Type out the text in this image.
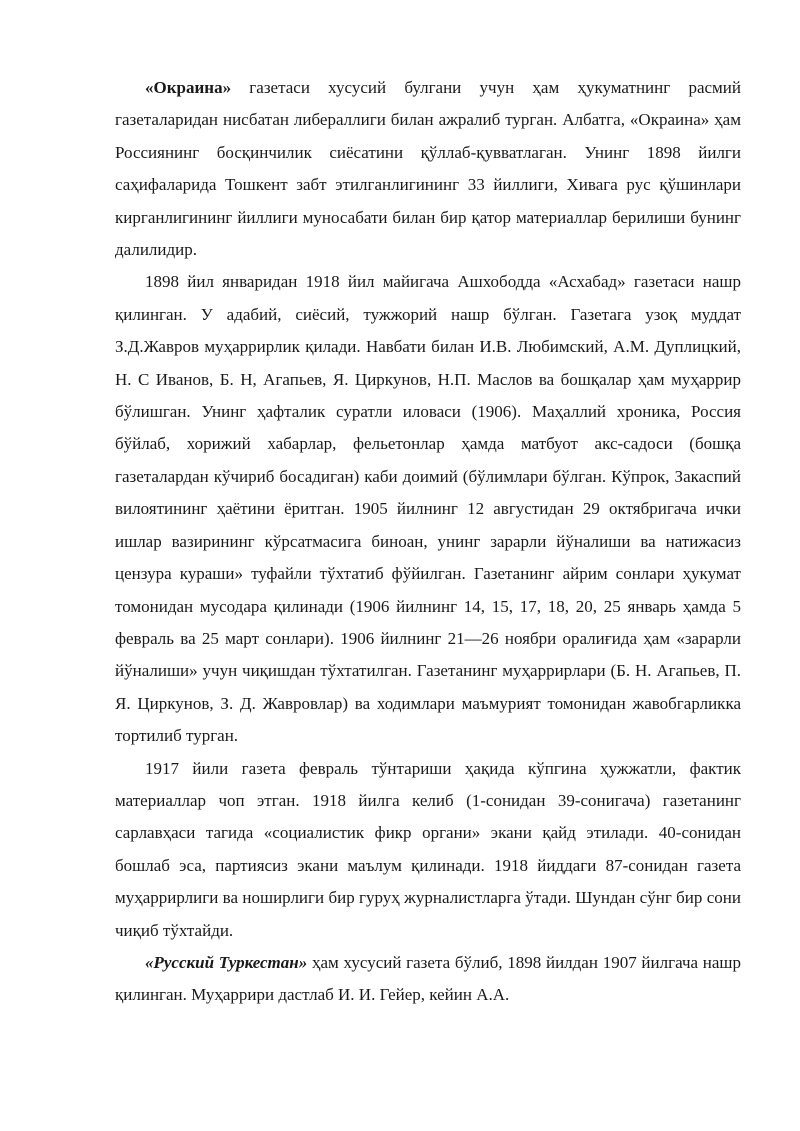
«Окраина» газетаси хусусий булгани учун ҳам ҳукуматнинг расмий газеталаридан нисбатан либераллиги билан ажралиб турган. Албатга, «Окраина» ҳам Россиянинг босқинчилик сиёсатини қўллаб-қувватлаган. Унинг 1898 йилги саҳифаларида Тошкент забт этилганлигининг 33 йиллиги, Хивага рус қўшинлари кирганлигининг йиллиги муносабати билан бир қатор материаллар берилиши бунинг далилидир.

1898 йил январидан 1918 йил майигача Ашхободда «Асхабад» газетаси нашр қилинган. У адабий, сиёсий, тужжорий нашр бўлган. Газетага узоқ муддат З.Д.Жавров муҳаррирлик қилади. Навбати билан И.В. Любимский, А.М. Дуплицкий, Н. С Иванов, Б. Н, Агапьев, Я. Циркунов, Н.П. Маслов ва бошқалар ҳам муҳаррир бўлишган. Унинг ҳафталик суратли иловаси (1906). Маҳаллий хроника, Россия бўйлаб, хорижий хабарлар, фельетонлар ҳамда матбуот акс-садоси (бошқа газеталардан кўчириб босадиган) каби доимий (бўлимлари бўлган. Кўпрок, Закаспий вилоятининг ҳаётини ёритган. 1905 йилнинг 12 августидан 29 октябригача ички ишлар вазирининг кўрсатмасига биноан, унинг зарарли йўналиши ва натижасиз цензура кураши» туфайли тўхтатиб фўйилган. Газетанинг айрим сонлари ҳукумат томонидан мусодара қилинади (1906 йилнинг 14, 15, 17, 18, 20, 25 январь ҳамда 5 февраль ва 25 март сонлари). 1906 йилнинг 21—26 ноябри оралиғида ҳам «зарарли йўналиши» учун чиқишдан тўхтатилган. Газетанинг муҳаррирлари (Б. Н. Агапьев, П. Я. Циркунов, З. Д. Жавровлар) ва ходимлари маъмурият томонидан жавобгарликка тортилиб турган.

1917 йили газета февраль тўнтариши ҳақида кўпгина ҳужжатли, фактик материаллар чоп этган. 1918 йилга келиб (1-сонидан 39-сонигача) газетанинг сарлавҳаси тагида «социалистик фикр органи» экани қайд этилади. 40-сонидан бошлаб эса, партиясиз экани маълум қилинади. 1918 йиддаги 87-сонидан газета муҳаррирлиги ва ноширлиги бир гуруҳ журналистларга ўтади. Шундан сўнг бир сони чиқиб тўхтайди.

«Русский Туркестан» ҳам хусусий газета бўлиб, 1898 йилдан 1907 йилгача нашр қилинган. Муҳаррири дастлаб И. И. Гейер, кейин А.А.
